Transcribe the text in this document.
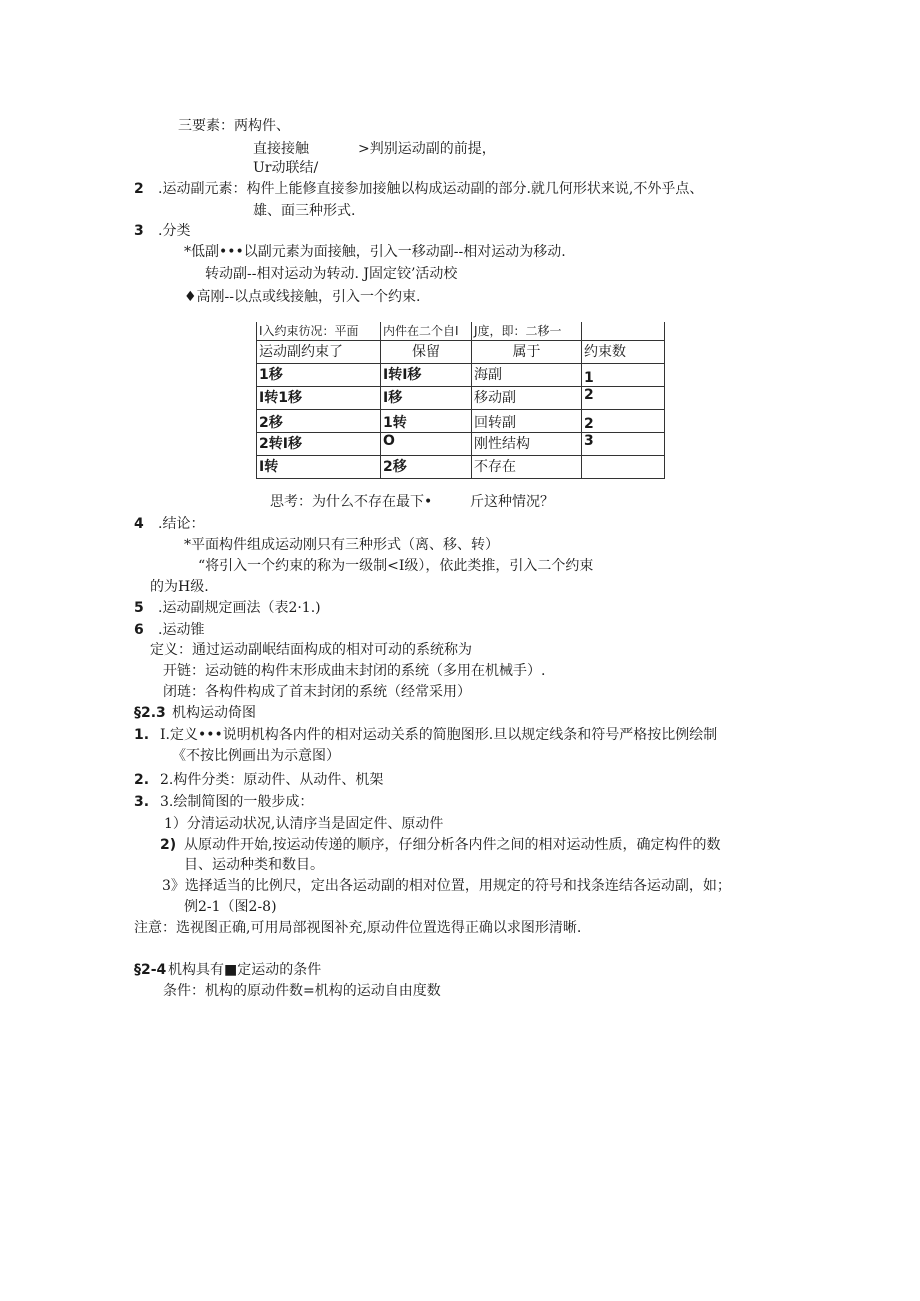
三要素：两构件、
直接接触	>判别运动副的前提，
Ur动联结/
2 .运动副元素：构件上能修直接参加接触以构成运动副的部分.就几何形状来说,不外乎点、
雄、面三种形式.
3 .分类
*低副•••以副元素为面接触，引入一移动副--相对运动为移动.
转动副--相对运动为转动. J固定铰’活动校
♦高刚--以点或线接触，引入一个约束.
I入约束彷况：平面	内件在二个自I	J度，即：二移一	
运动副约束了	保留	属于	约束数
1移	I转I移	海副	1
I转1移	I移	移动副	2
2移	1转	回转副	2
2转I移	O	刚性结构	3
I转	2移	不存在	
思考：为什么不存在最下•	斤这种情况？
4 .结论：
*平面构件组成运动刚只有三种形式（离、移、转）
“将引入一个约束的称为一级制<I级），依此类推，引入二个约束
的为H级.
5 .运动副规定画法（表2·1.)
6 .运动锥
定义：通过运动副岷结面构成的相对可动的系统称为
开链：运动链的构件末形成曲末封闭的系统（多用在机械手）.
闭琏：各构件构成了首末封闭的系统（经常采用）
§2.3 机构运动倚图
1. I.定义•••说明机构各内件的相对运动关系的简胞图形.旦以规定线条和符号严格按比例绘制
《不按比例画出为示意图）
2. 2.构件分类：原动件、从动件、机架
3. 3.绘制简图的一般步成：
1）分清运动状况,认清序当是固定件、原动件
2) 从原动件开始,按运动传递的顺序，仔细分析各内件之间的相对运动性质，确定构件的数
目、运动种类和数目。
3》选择适当的比例尺，定出各运动副的相对位置，用规定的符号和找条连结各运动副，如；
例2-1（图2-8)
注意：选视图正确,可用局部视图补充,原动件位置选得正确以求图形清晰.
§2-4 机构具有■定运动的条件
条件：机构的原动件数=机构的运动自由度数
